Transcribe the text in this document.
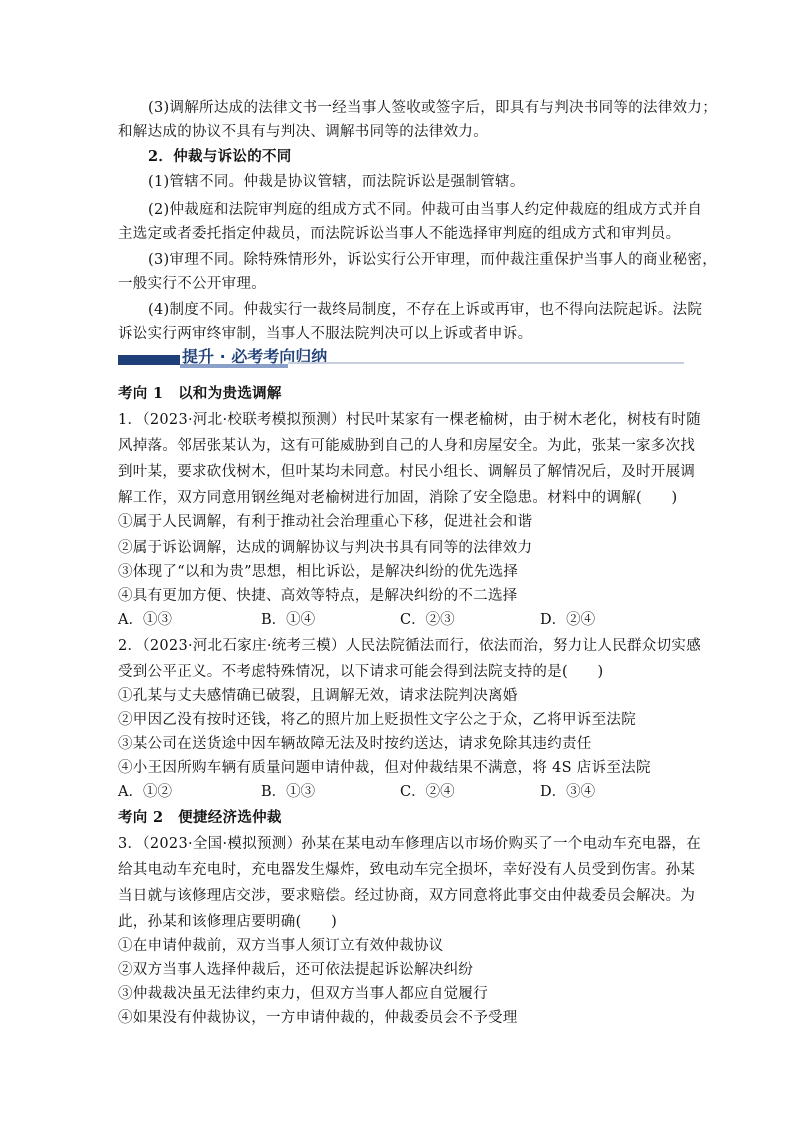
(3)调解所达成的法律文书一经当事人签收或签字后，即具有与判决书同等的法律效力；
和解达成的协议不具有与判决、调解书同等的法律效力。
2．仲裁与诉讼的不同
(1)管辖不同。仲裁是协议管辖，而法院诉讼是强制管辖。
(2)仲裁庭和法院审判庭的组成方式不同。仲裁可由当事人约定仲裁庭的组成方式并自
主选定或者委托指定仲裁员，而法院诉讼当事人不能选择审判庭的组成方式和审判员。
(3)审理不同。除特殊情形外，诉讼实行公开审理，而仲裁注重保护当事人的商业秘密，
一般实行不公开审理。
(4)制度不同。仲裁实行一裁终局制度，不存在上诉或再审，也不得向法院起诉。法院
诉讼实行两审终审制，当事人不服法院判决可以上诉或者申诉。
提升 · 必考考向归纳
考向 1　以和为贵选调解
1．（2023·河北·校联考模拟预测）村民叶某家有一棵老榆树，由于树木老化，树枝有时随
风掉落。邻居张某认为，这有可能威胁到自己的人身和房屋安全。为此，张某一家多次找
到叶某，要求砍伐树木，但叶某均未同意。村民小组长、调解员了解情况后，及时开展调
解工作，双方同意用钢丝绳对老榆树进行加固，消除了安全隐患。材料中的调解(　　)
①属于人民调解，有利于推动社会治理重心下移，促进社会和谐
②属于诉讼调解，达成的调解协议与判决书具有同等的法律效力
③体现了“以和为贵”思想，相比诉讼，是解决纠纷的优先选择
④具有更加方便、快捷、高效等特点，是解决纠纷的不二选择
A．①③	B．①④	C．②③	D．②④
2．（2023·河北石家庄·统考三模）人民法院循法而行，依法而治，努力让人民群众切实感
受到公平正义。不考虑特殊情况，以下请求可能会得到法院支持的是(　　)
①孔某与丈夫感情确已破裂，且调解无效，请求法院判决离婚
②甲因乙没有按时还钱，将乙的照片加上贬损性文字公之于众，乙将甲诉至法院
③某公司在送货途中因车辆故障无法及时按约送达，请求免除其违约责任
④小王因所购车辆有质量问题申请仲裁，但对仲裁结果不满意，将 4S 店诉至法院
A．①②	B．①③	C．②④	D．③④
考向 2　便捷经济选仲裁
3．（2023·全国·模拟预测）孙某在某电动车修理店以市场价购买了一个电动车充电器，在
给其电动车充电时，充电器发生爆炸，致电动车完全损坏，幸好没有人员受到伤害。孙某
当日就与该修理店交涉，要求赔偿。经过协商，双方同意将此事交由仲裁委员会解决。为
此，孙某和该修理店要明确(　　)
①在申请仲裁前，双方当事人须订立有效仲裁协议
②双方当事人选择仲裁后，还可依法提起诉讼解决纠纷
③仲裁裁决虽无法律约束力，但双方当事人都应自觉履行
④如果没有仲裁协议，一方申请仲裁的，仲裁委员会不予受理
